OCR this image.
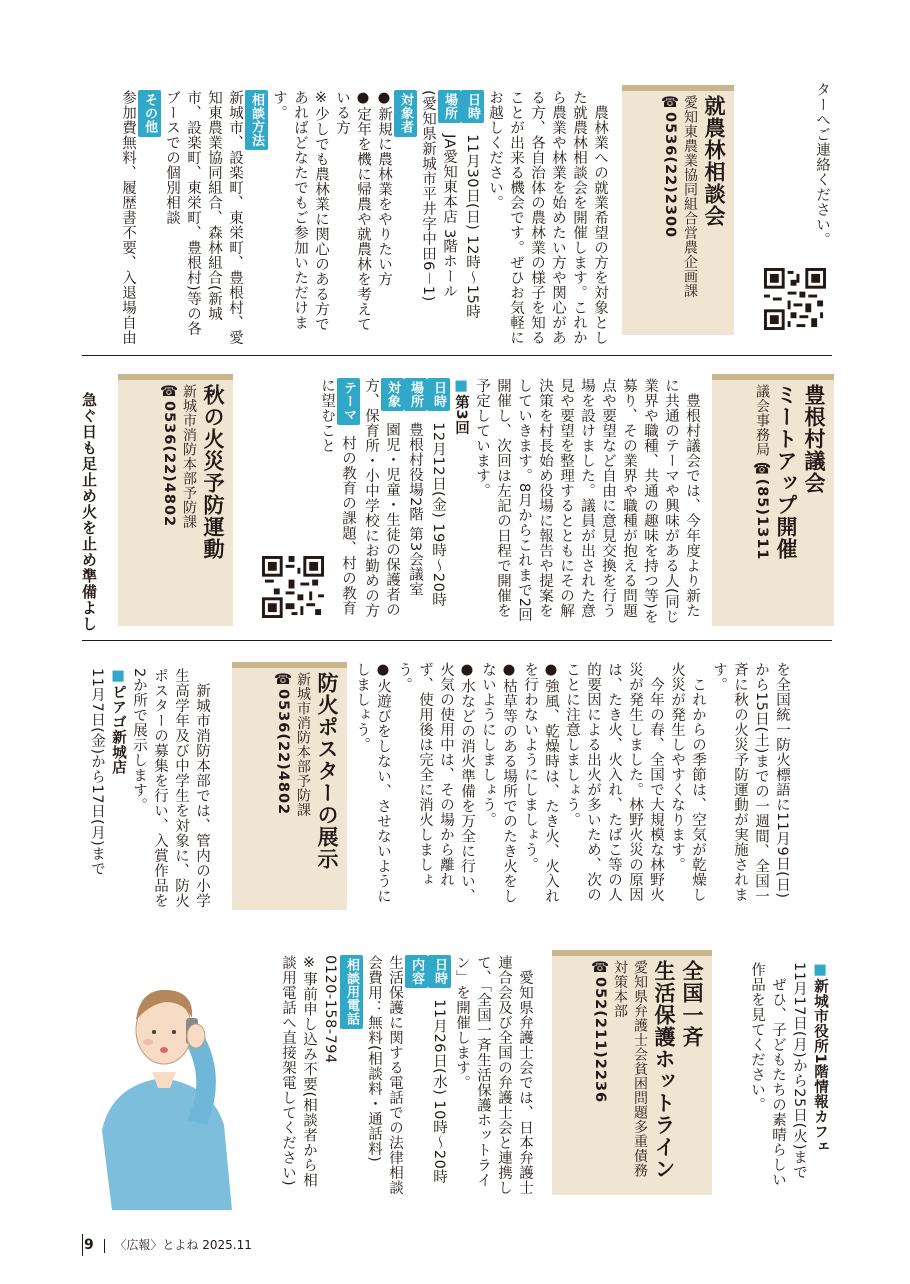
ターへご連絡ください。
就農林相談会
愛知東農業協同組合営農企画課
☎0536(22)2300

農林業への就業希望の方を対象とした就農林相談会を開催します。これから農業や林業を始めたい方や関心がある方、各自治体の農林業の様子を知ることが出来る機会です。ぜひお気軽にお越しください。

日時 11月30日(日) 12時～15時

場所 JA愛知東本店 3階ホール

(愛知県新城市平井字中田6－1)

対象者

●新規に農林業をやりたい方

●定年を機に帰農や就農林を考えている方

※少しでも農林業に関心のある方であればどなたでもご参加いただけます。

相談方法

新城市、設楽町、東栄町、豊根村、愛知東農業協同組合、森林組合(新城市、設楽町、東栄町、豊根村)等の各ブースでの個別相談

その他

参加費無料、履歴書不要、入退場自由

豊根村議会
ミートアップ開催
議会事務局 ☎(85)1311

豊根村議会では、今年度より新たに共通のテーマや興味がある人(同じ業界や職種、共通の趣味を持つ等)を募り、その業界や職種が抱える問題点や要望など自由に意見交換を行う場を設けました。議員が出された意見や要望を整理するとともにその解決策を村長始め役場に報告や提案をしていきます。8月からこれまで2回開催し、次回は左記の日程で開催を予定しています。

■第3回

日時 12月12日(金) 19時～20時

場所 豊根村役場2階 第3会議室

対象 園児・児童・生徒の保護者の方、保育所・小中学校にお勤めの方

テーマ 村の教育の課題、村の教育に望むこと

秋の火災予防運動
新城市消防本部予防課
☎0536(22)4802
急ぐ日も足止め火を止め準備よし

を全国統一防火標語に11月9日(日)から15日(土)までの一週間、全国一斉に秋の火災予防運動が実施されます。

これからの季節は、空気が乾燥し火災が発生しやすくなります。

今年の春、全国で大規模な林野火災が発生しました。林野火災の原因は、たき火、火入れ、たばこ等の人的要因による出火が多いため、次のことに注意しましょう。

●強風、乾燥時は、たき火、火入れを行わないようにしましょう。

●枯草等のある場所でのたき火をしないようにしましょう。

●水などの消火準備を万全に行い、火気の使用中は、その場から離れず、使用後は完全に消火しましょう。

●火遊びをしない、させないようにしましょう。

防火ポスターの展示
新城市消防本部予防課
☎0536(22)4802

新城市消防本部では、管内の小学生高学年及び中学生を対象に、防火ポスターの募集を行い、入賞作品を2か所で展示します。

■ピアゴ新城店

11月7日(金)から17日(月)まで

■新城市役所1階情報カフェ

11月17日(月)から25日(火)まで

ぜひ、子どもたちの素晴らしい作品を見てください。

全国一斉
生活保護ホットライン
愛知県弁護士会貧困問題多重債務対策本部
☎052(211)2236

愛知県弁護士会では、日本弁護士連合会及び全国の弁護士会と連携して、「全国一斉生活保護ホットライン」を開催します。

日時 11月26日(水) 10時～20時

内容

生活保護に関する電話での法律相談

会費用：無料(相談料・通話料)

相談用電話

0120-158-794

※事前申し込み不要(相談者から相談用電話へ直接架電してください)

9 〈広報〉とよね 2025.11
